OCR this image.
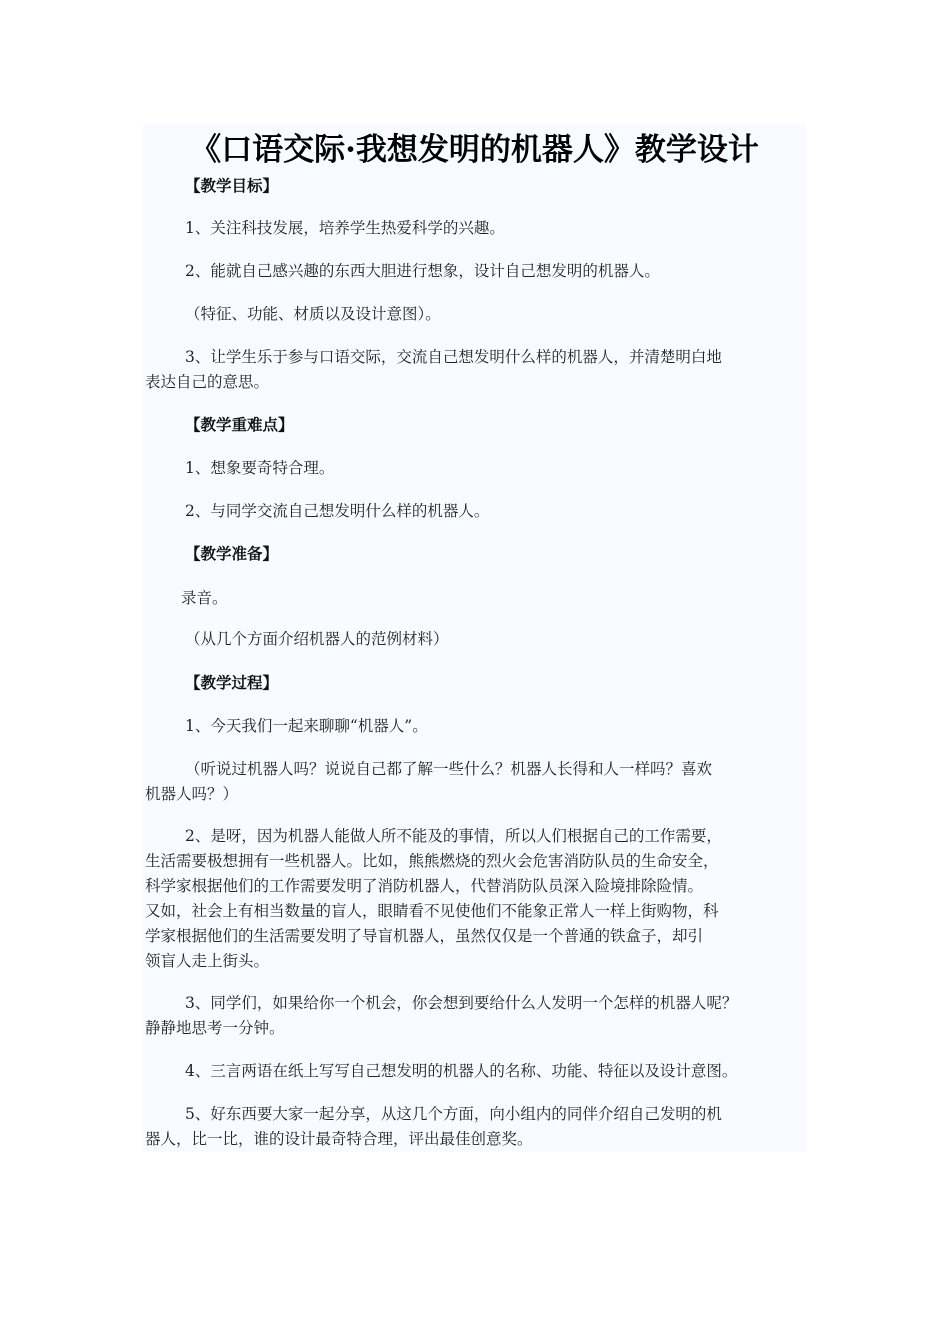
《口语交际·我想发明的机器人》教学设计
【教学目标】
1、关注科技发展，培养学生热爱科学的兴趣。
2、能就自己感兴趣的东西大胆进行想象，设计自己想发明的机器人。
（特征、功能、材质以及设计意图）。
3、让学生乐于参与口语交际，交流自己想发明什么样的机器人，并清楚明白地
表达自己的意思。
【教学重难点】
1、想象要奇特合理。
2、与同学交流自己想发明什么样的机器人。
【教学准备】
录音。
（从几个方面介绍机器人的范例材料）
【教学过程】
1、今天我们一起来聊聊“机器人”。
（听说过机器人吗？说说自己都了解一些什么？机器人长得和人一样吗？喜欢
机器人吗？）
2、是呀，因为机器人能做人所不能及的事情，所以人们根据自己的工作需要，
生活需要极想拥有一些机器人。比如，熊熊燃烧的烈火会危害消防队员的生命安全，
科学家根据他们的工作需要发明了消防机器人，代替消防队员深入险境排除险情。
又如，社会上有相当数量的盲人，眼睛看不见使他们不能象正常人一样上街购物，科
学家根据他们的生活需要发明了导盲机器人，虽然仅仅是一个普通的铁盒子，却引
领盲人走上街头。
3、同学们，如果给你一个机会，你会想到要给什么人发明一个怎样的机器人呢？
静静地思考一分钟。
4、三言两语在纸上写写自己想发明的机器人的名称、功能、特征以及设计意图。
5、好东西要大家一起分享，从这几个方面，向小组内的同伴介绍自己发明的机
器人，比一比，谁的设计最奇特合理，评出最佳创意奖。
